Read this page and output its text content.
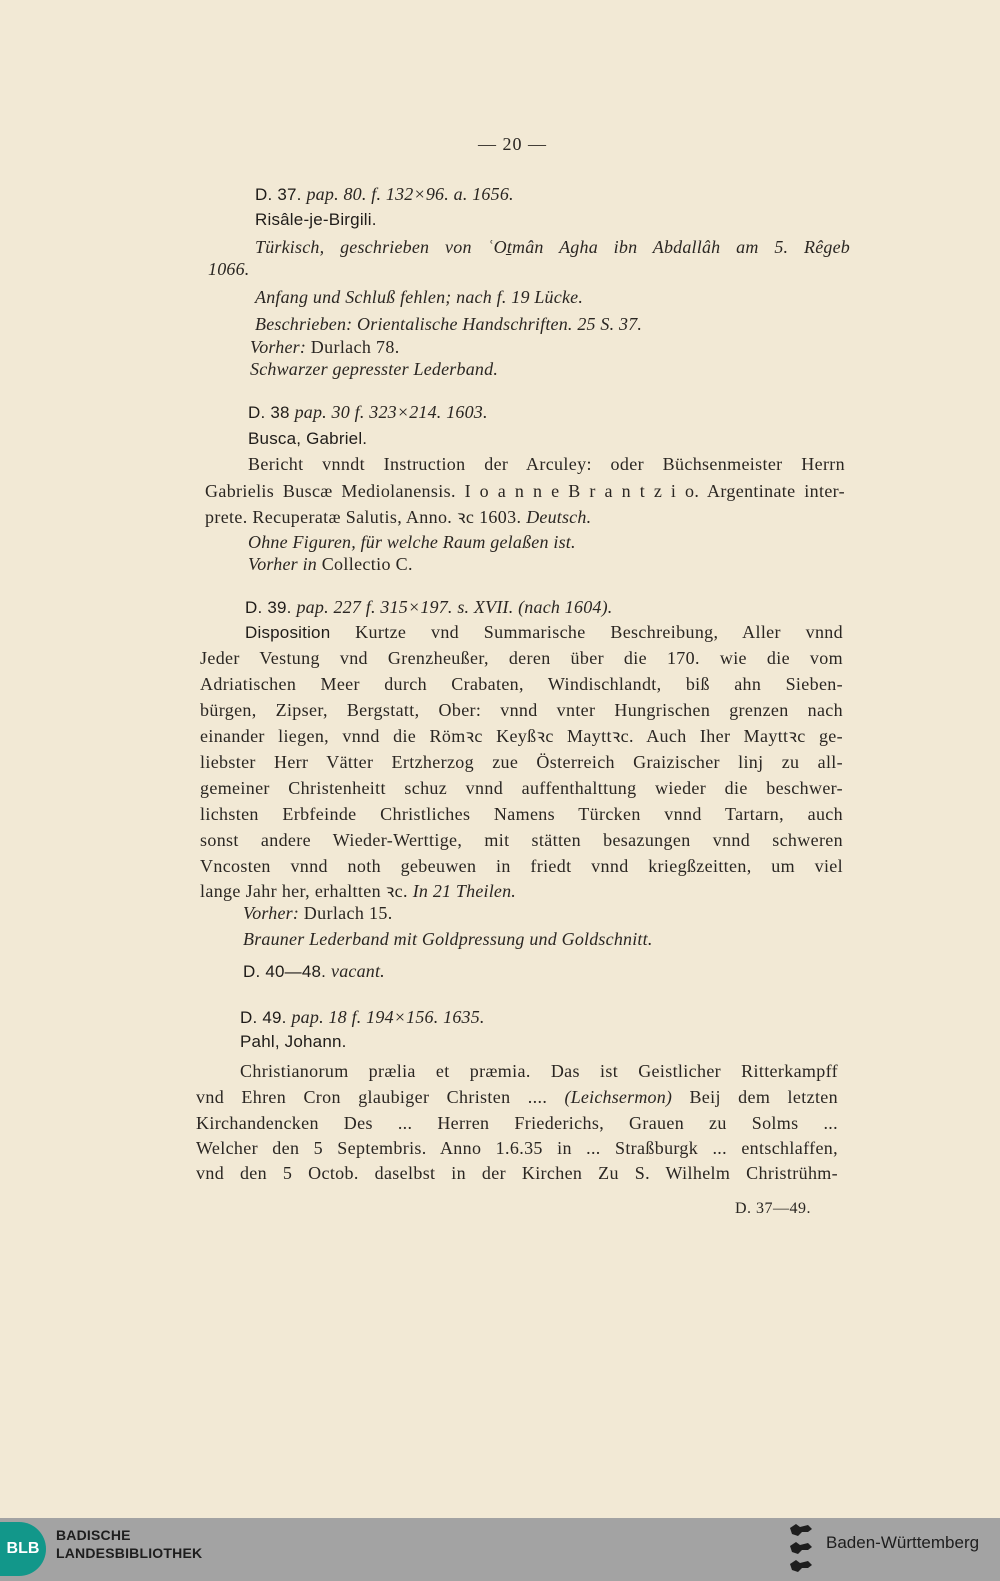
— 20 —
D. 37. pap. 80. f. 132×96. a. 1656.
Risâle-je-Birgili.
Türkisch, geschrieben von ʿOṯmân Agha ibn Abdallâh am 5. Rêgeb
1066.
Anfang und Schluß fehlen; nach f. 19 Lücke.
Beschrieben: Orientalische Handschriften. 25 S. 37.
Vorher: Durlach 78.
Schwarzer gepresster Lederband.
D. 38 pap. 30 f. 323×214. 1603.
Busca, Gabriel.
Bericht vnndt Instruction der Arculey: oder Büchsenmeister Herrn
Gabrielis Buscæ Mediolanensis. I o a n n e B r a n t z i o. Argentinate inter-
prete. Recuperatæ Salutis, Anno. ꝛc 1603. Deutsch.
Ohne Figuren, für welche Raum gelaßen ist.
Vorher in Collectio C.
D. 39. pap. 227 f. 315×197. s. XVII. (nach 1604).
Disposition Kurtze vnd Summarische Beschreibung, Aller vnnd
Jeder Vestung vnd Grenzheußer, deren über die 170. wie die vom
Adriatischen Meer durch Crabaten, Windischlandt, biß ahn Sieben-
bürgen, Zipser, Bergstatt, Ober: vnnd vnter Hungrischen grenzen nach
einander liegen, vnnd die Römꝛc Keyßꝛc Mayttꝛc. Auch Iher Mayttꝛc ge-
liebster Herr Vätter Ertzherzog zue Österreich Graizischer linj zu all-
gemeiner Christenheitt schuz vnnd auffenthalttung wieder die beschwer-
lichsten Erbfeinde Christliches Namens Türcken vnnd Tartarn, auch
sonst andere Wieder-Werttige, mit stätten besazungen vnnd schweren
Vncosten vnnd noth gebeuwen in friedt vnnd kriegßzeitten, um viel
lange Jahr her, erhaltten ꝛc. In 21 Theilen.
Vorher: Durlach 15.
Brauner Lederband mit Goldpressung und Goldschnitt.
D. 40—48. vacant.
D. 49. pap. 18 f. 194×156. 1635.
Pahl, Johann.
Christianorum prælia et præmia. Das ist Geistlicher Ritterkampff
vnd Ehren Cron glaubiger Christen .... (Leichsermon) Beij dem letzten
Kirchandencken Des ... Herren Friederichs, Grauen zu Solms ...
Welcher den 5 Septembris. Anno 1.6.35 in ... Straßburgk ... entschlaffen,
vnd den 5 Octob. daselbst in der Kirchen Zu S. Wilhelm Christrühm-
D. 37—49.
BLB
BADISCHE
LANDESBIBLIOTHEK
Baden-Württemberg
